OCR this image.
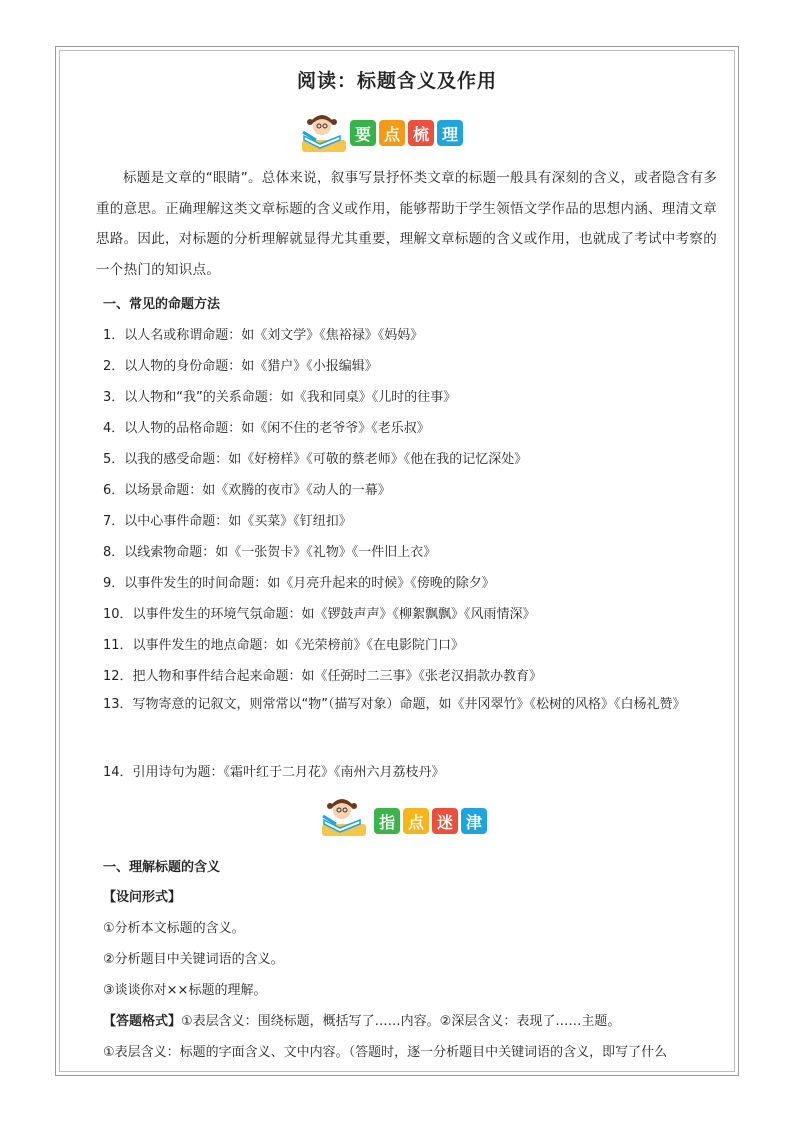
阅读：标题含义及作用
要 点 梳 理
标题是文章的“眼睛”。总体来说，叙事写景抒怀类文章的标题一般具有深刻的含义，或者隐含有多重的意思。正确理解这类文章标题的含义或作用，能够帮助于学生领悟文学作品的思想内涵、理清文章思路。因此，对标题的分析理解就显得尤其重要，理解文章标题的含义或作用，也就成了考试中考察的一个热门的知识点。
一、常见的命题方法
1．以人名或称谓命题：如《刘文学》《焦裕禄》《妈妈》
2．以人物的身份命题：如《猎户》《小报编辑》
3．以人物和“我”的关系命题：如《我和同桌》《儿时的往事》
4．以人物的品格命题：如《闲不住的老爷爷》《老乐叔》
5．以我的感受命题：如《好榜样》《可敬的蔡老师》《他在我的记忆深处》
6．以场景命题：如《欢腾的夜市》《动人的一幕》
7．以中心事件命题：如《买菜》《钉纽扣》
8．以线索物命题：如《一张贺卡》《礼物》《一件旧上衣》
9．以事件发生的时间命题：如《月亮升起来的时候》《傍晚的除夕》
10．以事件发生的环境气氛命题：如《锣鼓声声》《柳絮飘飘》《风雨情深》
11．以事件发生的地点命题：如《光荣榜前》《在电影院门口》
12．把人物和事件结合起来命题：如《任弼时二三事》《张老汉捐款办教育》
13．写物寄意的记叙文，则常常以“物”（描写对象）命题，如《井冈翠竹》《松树的风格》《白杨礼赞》
14．引用诗句为题：《霜叶红于二月花》《南州六月荔枝丹》
指 点 迷 津
一、理解标题的含义
【设问形式】
①分析本文标题的含义。
②分析题目中关键词语的含义。
③谈谈你对××标题的理解。
【答题格式】①表层含义：围绕标题，概括写了……内容。②深层含义：表现了……主题。
①表层含义：标题的字面含义、文中内容。（答题时，逐一分析题目中关键词语的含义，即写了什么
